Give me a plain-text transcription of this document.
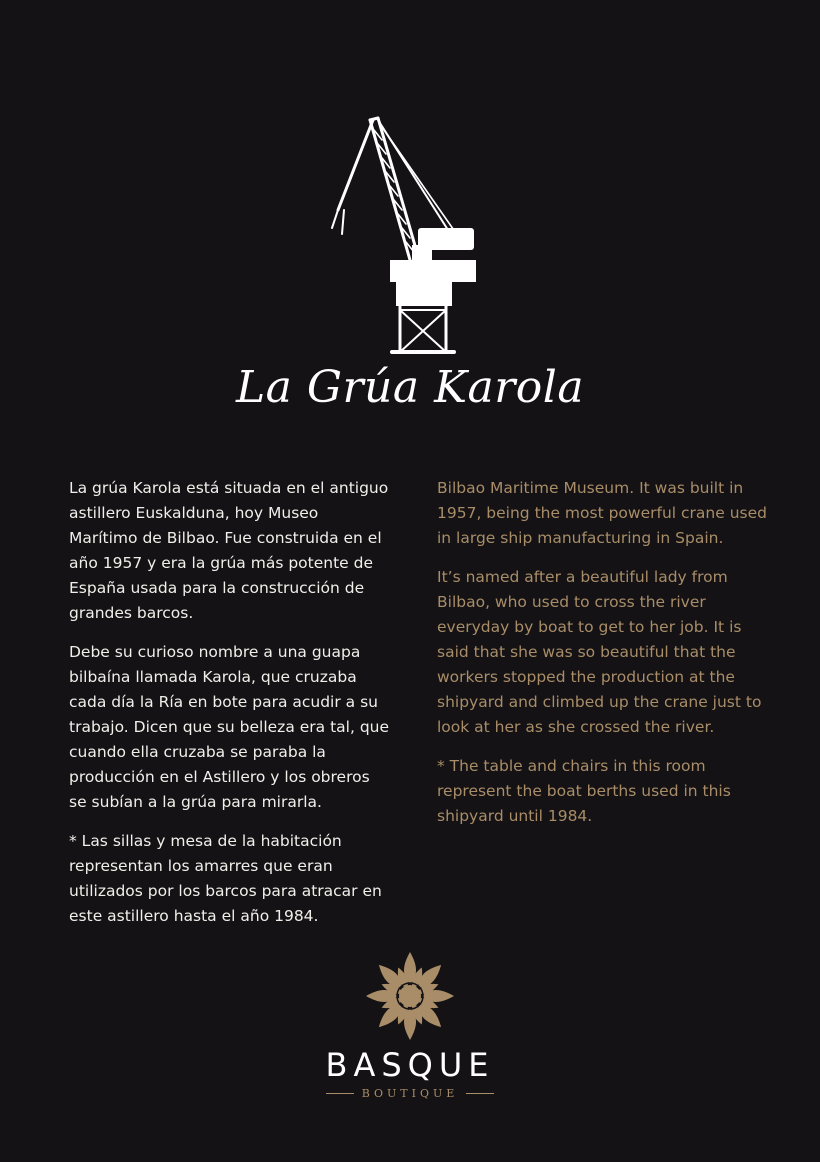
La Grúa Karola

La grúa Karola está situada en el antiguo astillero Euskalduna, hoy Museo Marítimo de Bilbao. Fue construida en el año 1957 y era la grúa más potente de España usada para la construcción de grandes barcos.

Debe su curioso nombre a una guapa bilbaína llamada Karola, que cruzaba cada día la Ría en bote para acudir a su trabajo. Dicen que su belleza era tal, que cuando ella cruzaba se paraba la producción en el Astillero y los obreros se subían a la grúa para mirarla.

* Las sillas y mesa de la habitación representan los amarres que eran utilizados por los barcos para atracar en este astillero hasta el año 1984.

Bilbao Maritime Museum. It was built in 1957, being the most powerful crane used in large ship manufacturing in Spain.

It’s named after a beautiful lady from Bilbao, who used to cross the river everyday by boat to get to her job. It is said that she was so beautiful that the workers stopped the production at the shipyard and climbed up the crane just to look at her as she crossed the river.

* The table and chairs in this room represent the boat berths used in this shipyard until 1984.

BASQUE
BOUTIQUE
